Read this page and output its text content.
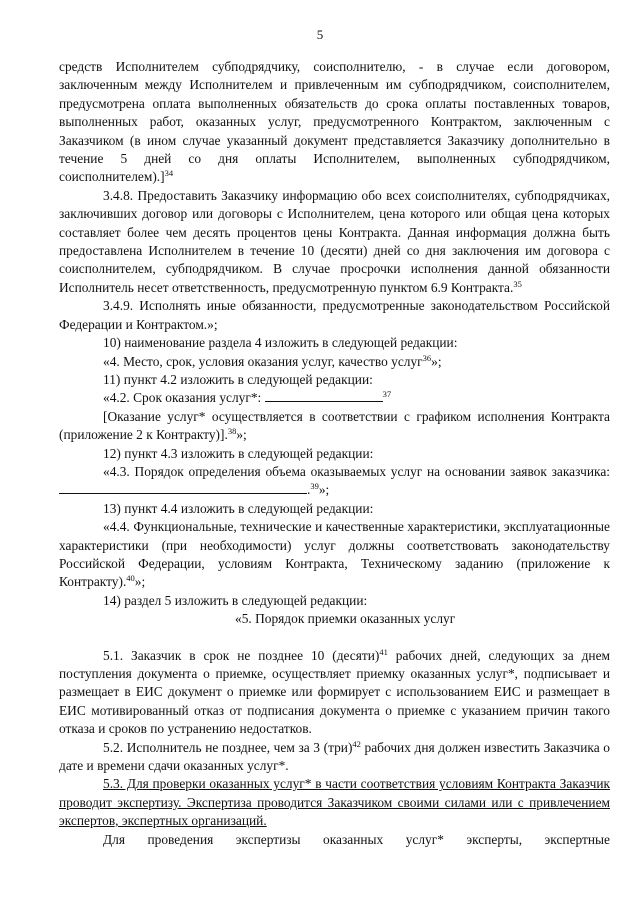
5

средств Исполнителем субподрядчику, соисполнителю, - в случае если договором, заключенным между Исполнителем и привлеченным им субподрядчиком, соисполнителем, предусмотрена оплата выполненных обязательств до срока оплаты поставленных товаров, выполненных работ, оказанных услуг, предусмотренного Контрактом, заключенным с Заказчиком (в ином случае указанный документ представляется Заказчику дополнительно в течение 5 дней со дня оплаты Исполнителем, выполненных субподрядчиком, соисполнителем).]$^{34}$

3.4.8. Предоставить Заказчику информацию обо всех соисполнителях, субподрядчиках, заключивших договор или договоры с Исполнителем, цена которого или общая цена которых составляет более чем десять процентов цены Контракта. Данная информация должна быть предоставлена Исполнителем в течение 10 (десяти) дней со дня заключения им договора с соисполнителем, субподрядчиком. В случае просрочки исполнения данной обязанности Исполнитель несет ответственность, предусмотренную пунктом 6.9 Контракта.$^{35}$

3.4.9. Исполнять иные обязанности, предусмотренные законодательством Российской Федерации и Контрактом.»;

10) наименование раздела 4 изложить в следующей редакции:

«4. Место, срок, условия оказания услуг, качество услуг$^{36}$»;

11) пункт 4.2 изложить в следующей редакции:

«4.2. Срок оказания услуг*:	$^{37}$

[Оказание услуг* осуществляется в соответствии с графиком исполнения Контракта (приложение 2 к Контракту)].$^{38}$»;

12) пункт 4.3 изложить в следующей редакции:

«4.3. Порядок определения объема оказываемых услуг на основании заявок заказчика: .$^{39}$»;

13) пункт 4.4 изложить в следующей редакции:

«4.4. Функциональные, технические и качественные характеристики, эксплуатационные характеристики (при необходимости) услуг должны соответствовать законодательству Российской Федерации, условиям Контракта, Техническому заданию (приложение к Контракту).$^{40}$»;

14) раздел 5 изложить в следующей редакции:

«5. Порядок приемки оказанных услуг

5.1. Заказчик в срок не позднее 10 (десяти)$^{41}$ рабочих дней, следующих за днем поступления документа о приемке, осуществляет приемку оказанных услуг*, подписывает и размещает в ЕИС документ о приемке или формирует с использованием ЕИС и размещает в ЕИС мотивированный отказ от подписания документа о приемке с указанием причин такого отказа и сроков по устранению недостатков.

5.2. Исполнитель не позднее, чем за 3 (три)$^{42}$ рабочих дня должен известить Заказчика о дате и времени сдачи оказанных услуг*.

5.3. Для проверки оказанных услуг* в части соответствия условиям Контракта Заказчик проводит экспертизу. Экспертиза проводится Заказчиком своими силами или с привлечением экспертов, экспертных организаций.

Для проведения экспертизы оказанных услуг* эксперты, экспертные
